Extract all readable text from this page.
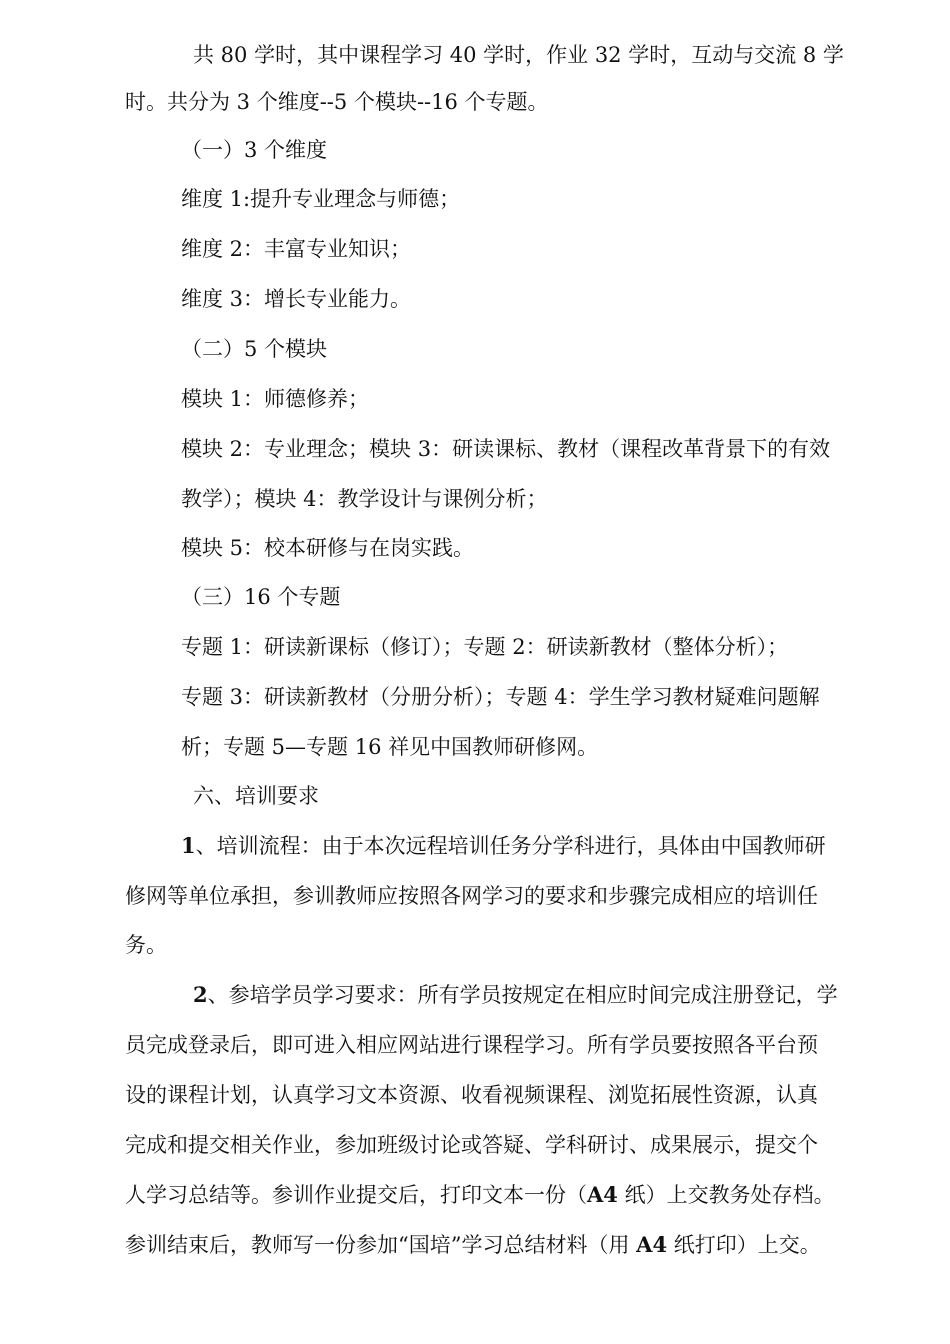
共 80 学时，其中课程学习 40 学时，作业 32 学时，互动与交流 8 学
时。共分为 3 个维度--5 个模块--16 个专题。
（一）3 个维度
维度 1:提升专业理念与师德；
维度 2：丰富专业知识；
维度 3：增长专业能力。
（二）5 个模块
模块 1：师德修养；
模块 2：专业理念；模块 3：研读课标、教材（课程改革背景下的有效
教学）；模块 4：教学设计与课例分析；
模块 5：校本研修与在岗实践。
（三）16 个专题
专题 1：研读新课标（修订）；专题 2：研读新教材（整体分析）；
专题 3：研读新教材（分册分析）；专题 4：学生学习教材疑难问题解
析；专题 5—专题 16 祥见中国教师研修网。
六、培训要求
1、培训流程：由于本次远程培训任务分学科进行，具体由中国教师研
修网等单位承担，参训教师应按照各网学习的要求和步骤完成相应的培训任
务。
2、参培学员学习要求：所有学员按规定在相应时间完成注册登记，学
员完成登录后，即可进入相应网站进行课程学习。所有学员要按照各平台预
设的课程计划，认真学习文本资源、收看视频课程、浏览拓展性资源，认真
完成和提交相关作业，参加班级讨论或答疑、学科研讨、成果展示，提交个
人学习总结等。参训作业提交后，打印文本一份（A4 纸）上交教务处存档。
参训结束后，教师写一份参加“国培”学习总结材料（用 A4 纸打印）上交。
